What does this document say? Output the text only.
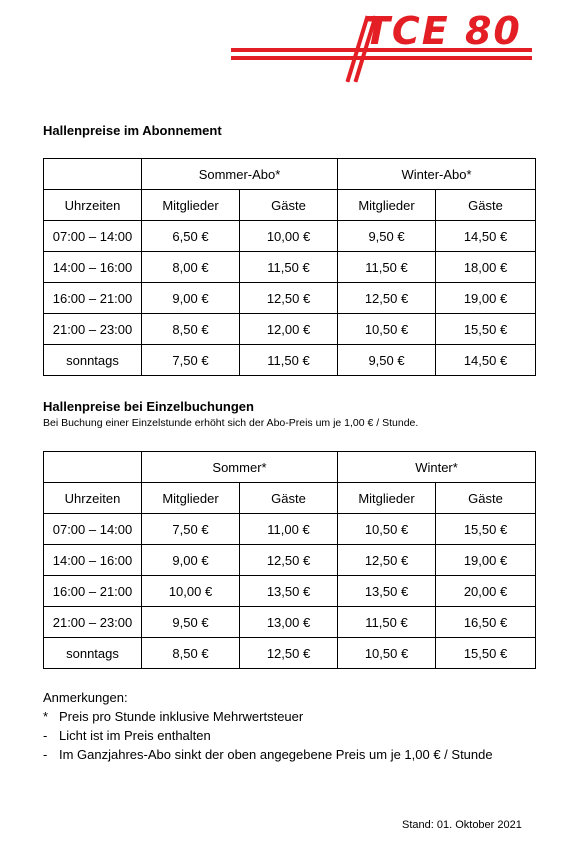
TCE 80
Hallenpreise im Abonnement
	Sommer-Abo*		Winter-Abo*	
Uhrzeiten	Mitglieder	Gäste	Mitglieder	Gäste
07:00 – 14:00	6,50 €	10,00 €	9,50 €	14,50 €
14:00 – 16:00	8,00 €	11,50 €	11,50 €	18,00 €
16:00 – 21:00	9,00 €	12,50 €	12,50 €	19,00 €
21:00 – 23:00	8,50 €	12,00 €	10,50 €	15,50 €
sonntags	7,50 €	11,50 €	9,50 €	14,50 €
Hallenpreise bei Einzelbuchungen
Bei Buchung einer Einzelstunde erhöht sich der Abo-Preis um je 1,00 € / Stunde.
	Sommer*		Winter*	
Uhrzeiten	Mitglieder	Gäste	Mitglieder	Gäste
07:00 – 14:00	7,50 €	11,00 €	10,50 €	15,50 €
14:00 – 16:00	9,00 €	12,50 €	12,50 €	19,00 €
16:00 – 21:00	10,00 €	13,50 €	13,50 €	20,00 €
21:00 – 23:00	9,50 €	13,00 €	11,50 €	16,50 €
sonntags	8,50 €	12,50 €	10,50 €	15,50 €
Anmerkungen:
* Preis pro Stunde inklusive Mehrwertsteuer
- Licht ist im Preis enthalten
- Im Ganzjahres-Abo sinkt der oben angegebene Preis um je 1,00 € / Stunde
Stand: 01. Oktober 2021
